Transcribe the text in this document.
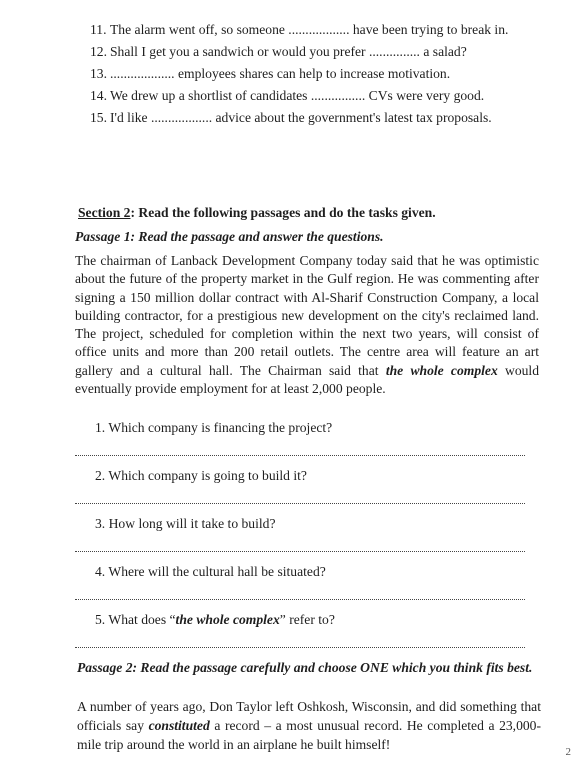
11. The alarm went off, so someone .................. have been trying to break in.
12. Shall I get you a sandwich or would you prefer ............... a salad?
13. ................... employees shares can help to increase motivation.
14. We drew up a shortlist of candidates ................ CVs were very good.
15. I'd like .................. advice about the government's latest tax proposals.
Section 2: Read the following passages and do the tasks given.
Passage 1: Read the passage and answer the questions.
The chairman of Lanback Development Company today said that he was optimistic about the future of the property market in the Gulf region. He was commenting after signing a 150 million dollar contract with Al-Sharif Construction Company, a local building contractor, for a prestigious new development on the city's reclaimed land. The project, scheduled for completion within the next two years, will consist of office units and more than 200 retail outlets. The centre area will feature an art gallery and a cultural hall. The Chairman said that the whole complex would eventually provide employment for at least 2,000 people.
1. Which company is financing the project?
2. Which company is going to build it?
3. How long will it take to build?
4. Where will the cultural hall be situated?
5. What does “the whole complex” refer to?
Passage 2: Read the passage carefully and choose ONE which you think fits best.
A number of years ago, Don Taylor left Oshkosh, Wisconsin, and did something that officials say constituted a record – a most unusual record. He completed a 23,000-mile trip around the world in an airplane he built himself!	2
